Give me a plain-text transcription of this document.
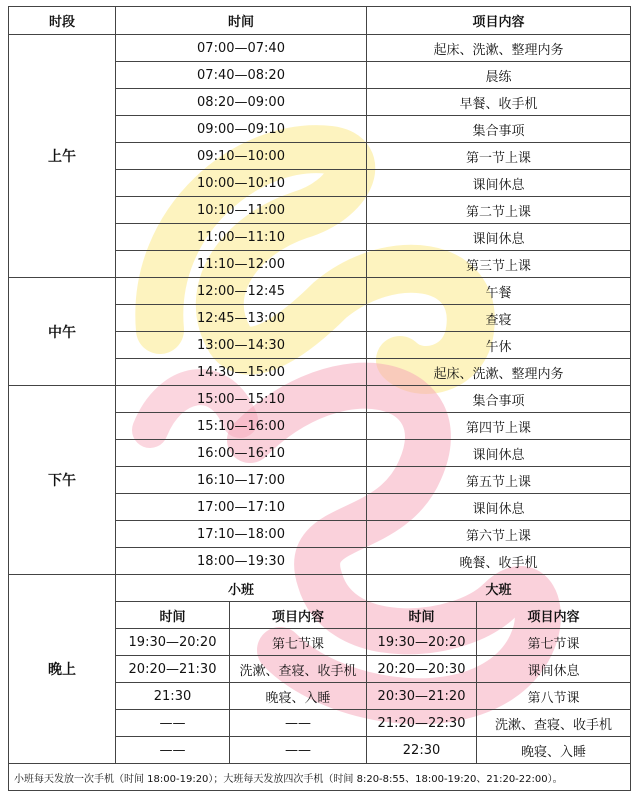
时段	时间		项目内容	
上午	07:00—07:40		起床、洗漱、整理内务	
	07:40—08:20		晨练	
	08:20—09:00		早餐、收手机	
	09:00—09:10		集合事项	
	09:10—10:00		第一节上课	
	10:00—10:10		课间休息	
	10:10—11:00		第二节上课	
	11:00—11:10		课间休息	
	11:10—12:00		第三节上课	
中午	12:00—12:45		午餐	
	12:45—13:00		查寝	
	13:00—14:30		午休	
	14:30—15:00		起床、洗漱、整理内务	
下午	15:00—15:10		集合事项	
	15:10—16:00		第四节上课	
	16:00—16:10		课间休息	
	16:10—17:00		第五节上课	
	17:00—17:10		课间休息	
	17:10—18:00		第六节上课	
	18:00—19:30		晚餐、收手机	
晚上	小班		大班	
	时间	项目内容	时间	项目内容
	19:30—20:20	第七节课	19:30—20:20	第七节课
	20:20—21:30	洗漱、查寝、收手机	20:20—20:30	课间休息
	21:30	晚寝、入睡	20:30—21:20	第八节课
	——	——	21:20—22:30	洗漱、查寝、收手机
	——	——	22:30	晚寝、入睡
小班每天发放一次手机（时间 18:00-19:20）；大班每天发放四次手机（时间 8:20-8:55、18:00-19:20、21:20-22:00）。				
